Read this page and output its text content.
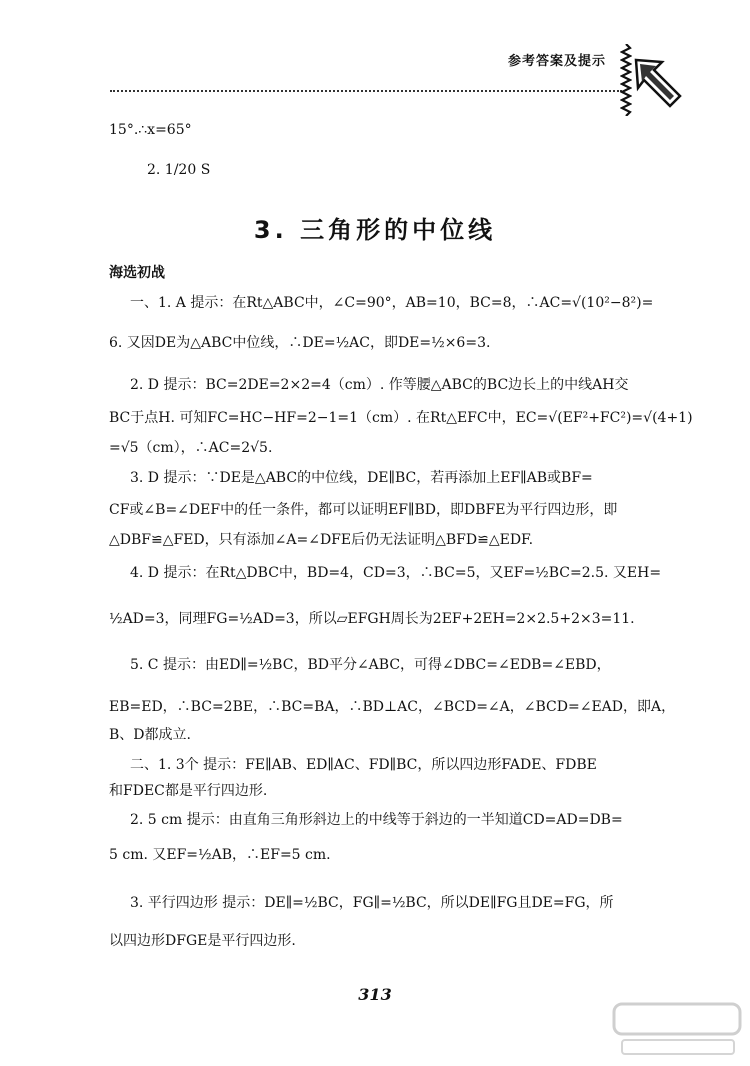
参考答案及提示
15°.∴x=65°
2. 1/20 S
3. 三角形的中位线
海选初战
一、1. A 提示：在Rt△ABC中，∠C=90°，AB=10，BC=8，∴AC=√(10²−8²)=
6. 又因DE为△ABC中位线，∴DE=½AC，即DE=½×6=3.
2. D 提示：BC=2DE=2×2=4（cm）. 作等腰△ABC的BC边长上的中线AH交
BC于点H. 可知FC=HC−HF=2−1=1（cm）. 在Rt△EFC中，EC=√(EF²+FC²)=√(4+1)
=√5（cm），∴AC=2√5.
3. D 提示：∵DE是△ABC的中位线，DE∥BC，若再添加上EF∥AB或BF=
CF或∠B=∠DEF中的任一条件，都可以证明EF∥BD，即DBFE为平行四边形，即
△DBF≌△FED，只有添加∠A=∠DFE后仍无法证明△BFD≌△EDF.
4. D 提示：在Rt△DBC中，BD=4，CD=3，∴BC=5，又EF=½BC=2.5. 又EH=
½AD=3，同理FG=½AD=3，所以▱EFGH周长为2EF+2EH=2×2.5+2×3=11.
5. C 提示：由ED∥=½BC，BD平分∠ABC，可得∠DBC=∠EDB=∠EBD，
EB=ED，∴BC=2BE，∴BC=BA，∴BD⊥AC，∠BCD=∠A，∠BCD=∠EAD，即A，
B、D都成立.
二、1. 3个 提示：FE∥AB、ED∥AC、FD∥BC，所以四边形FADE、FDBE
和FDEC都是平行四边形.
2. 5 cm 提示：由直角三角形斜边上的中线等于斜边的一半知道CD=AD=DB=
5 cm. 又EF=½AB，∴EF=5 cm.
3. 平行四边形 提示：DE∥=½BC，FG∥=½BC，所以DE∥FG且DE=FG，所
以四边形DFGE是平行四边形.
313
